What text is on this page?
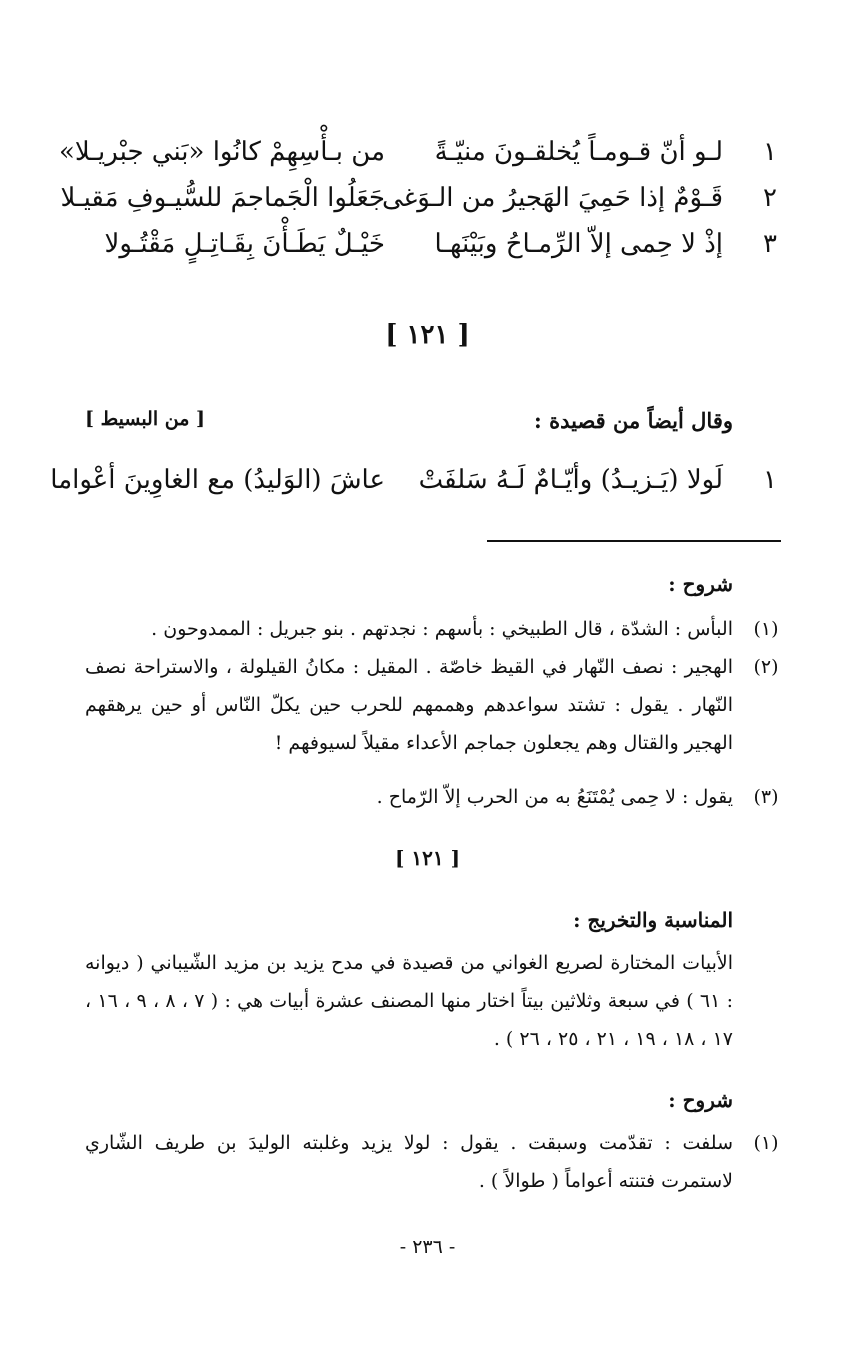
١
لـو أنّ قـومـاً يُخلقـونَ منيّـةً
من بـأْسِهِمْ كانُوا «بَني جبْريـلا»
٢
قَـوْمٌ إذا حَمِيَ الهَجيرُ من الـوَغى
جَعَلُوا الْجَماجمَ للسُّيـوفِ مَقيـلا
٣
إذْ لا حِمى إلاّ الرِّمـاحُ وبَيْنَهـا
خَيْـلٌ يَطَـأْنَ بِقَـاتِـلٍ مَقْتُـولا
[ ١٢١ ]
وقال أيضاً من قصيدة :
[ من البسيط ]
١
لَولا (يَـزيـدُ) وأيّـامٌ لَـهُ سَلفَتْ
عاشَ (الوَليدُ) مع الغاوِينَ أعْواما
شروح :
(١)
البأس : الشدّة ، قال الطبيخي : بأسهم : نجدتهم . بنو جبريل : الممدوحون .
(٢)
الهجير : نصف النّهار في القيظ خاصّة . المقيل : مكانُ القيلولة ، والاستراحة نصف النّهار . يقول : تشتد سواعدهم وهممهم للحرب حين يكلّ النّاس أو حين يرهقهم الهجير والقتال وهم يجعلون جماجم الأعداء مقيلاً لسيوفهم !
(٣)
يقول : لا حِمى يُمْتَنَعُ به من الحرب إلاّ الرّماح .
[ ١٢١ ]
المناسبة والتخريج :
الأبيات المختارة لصريع الغواني من قصيدة في مدح يزيد بن مزيد الشّيباني ( ديوانه : ٦١ ) في سبعة وثلاثين بيتاً اختار منها المصنف عشرة أبيات هي : ( ٧ ، ٨ ، ٩ ، ١٦ ، ١٧ ، ١٨ ، ١٩ ، ٢١ ، ٢٥ ، ٢٦ ) .
شروح :
(١)
سلفت : تقدّمت وسبقت . يقول : لولا يزيد وغلبته الوليدَ بن طريف الشّاري لاستمرت فتنته أعواماً ( طوالاً ) .
- ٢٣٦ -
